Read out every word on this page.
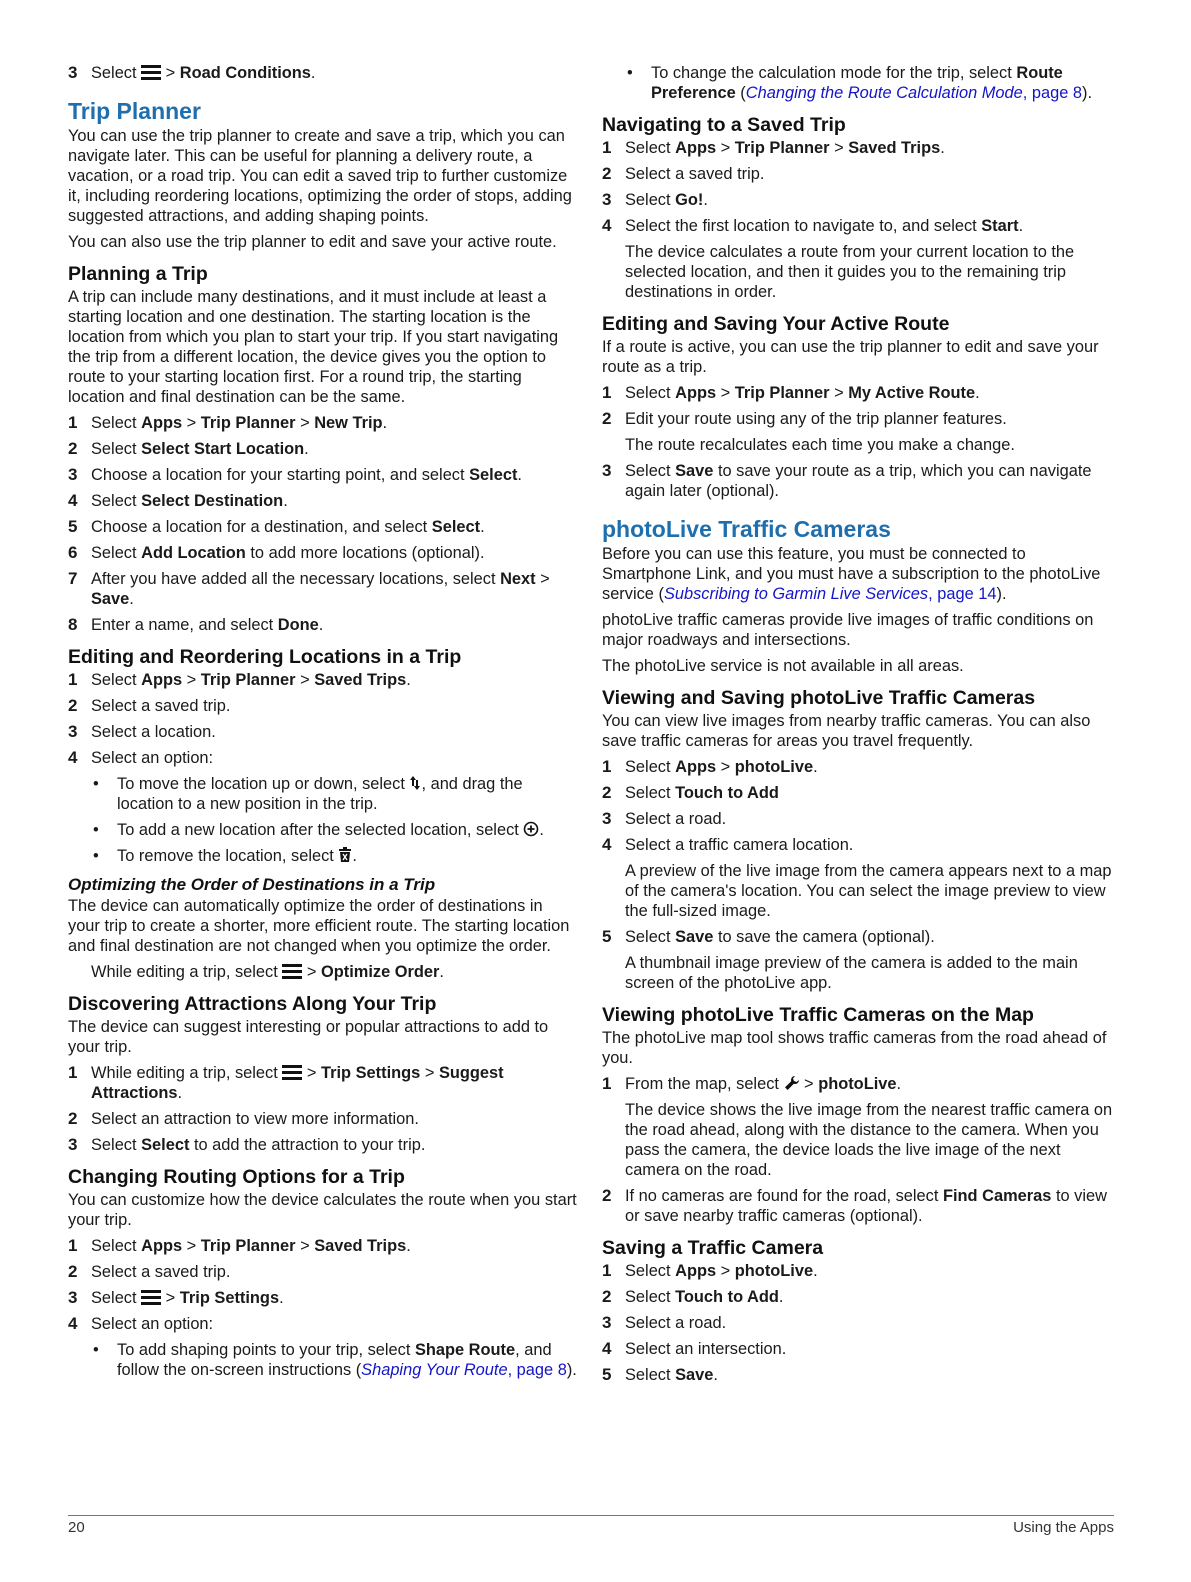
3 Select  > Road Conditions.
Trip Planner

You can use the trip planner to create and save a trip, which you can navigate later. This can be useful for planning a delivery route, a vacation, or a road trip. You can edit a saved trip to further customize it, including reordering locations, optimizing the order of stops, adding suggested attractions, and adding shaping points.

You can also use the trip planner to edit and save your active route.

Planning a Trip

A trip can include many destinations, and it must include at least a starting location and one destination. The starting location is the location from which you plan to start your trip. If you start navigating the trip from a different location, the device gives you the option to route to your starting location first. For a round trip, the starting location and final destination can be the same.

1 Select Apps > Trip Planner > New Trip.
2 Select Select Start Location.
3 Choose a location for your starting point, and select Select.
4 Select Select Destination.
5 Choose a location for a destination, and select Select.
6 Select Add Location to add more locations (optional).
7 After you have added all the necessary locations, select Next > Save.
8 Enter a name, and select Done.
Editing and Reordering Locations in a Trip
1 Select Apps > Trip Planner > Saved Trips.
2 Select a saved trip.
3 Select a location.
4 Select an option:
•	To move the location up or down, select , and drag the location to a new position in the trip.
•	To add a new location after the selected location, select .
•	To remove the location, select .
Optimizing the Order of Destinations in a Trip

The device can automatically optimize the order of destinations in your trip to create a shorter, more efficient route. The starting location and final destination are not changed when you optimize the order.

While editing a trip, select  > Optimize Order.
Discovering Attractions Along Your Trip

The device can suggest interesting or popular attractions to add to your trip.

1 While editing a trip, select  > Trip Settings > Suggest Attractions.
2 Select an attraction to view more information.
3 Select Select to add the attraction to your trip.
Changing Routing Options for a Trip

You can customize how the device calculates the route when you start your trip.

1 Select Apps > Trip Planner > Saved Trips.
2 Select a saved trip.
3 Select  > Trip Settings.
4 Select an option:
•	To add shaping points to your trip, select Shape Route, and follow the on-screen instructions (Shaping Your Route, page 8).
•	To change the calculation mode for the trip, select Route Preference (Changing the Route Calculation Mode, page 8).
Navigating to a Saved Trip
1 Select Apps > Trip Planner > Saved Trips.
2 Select a saved trip.
3 Select Go!.
4 Select the first location to navigate to, and select Start.
The device calculates a route from your current location to the selected location, and then it guides you to the remaining trip destinations in order.
Editing and Saving Your Active Route

If a route is active, you can use the trip planner to edit and save your route as a trip.

1 Select Apps > Trip Planner > My Active Route.
2 Edit your route using any of the trip planner features.
The route recalculates each time you make a change.
3 Select Save to save your route as a trip, which you can navigate again later (optional).
photoLive Traffic Cameras

Before you can use this feature, you must be connected to Smartphone Link, and you must have a subscription to the photoLive service (Subscribing to Garmin Live Services, page 14).

photoLive traffic cameras provide live images of traffic conditions on major roadways and intersections.

The photoLive service is not available in all areas.

Viewing and Saving photoLive Traffic Cameras

You can view live images from nearby traffic cameras. You can also save traffic cameras for areas you travel frequently.

1 Select Apps > photoLive.
2 Select Touch to Add
3 Select a road.
4 Select a traffic camera location.
A preview of the live image from the camera appears next to a map of the camera's location. You can select the image preview to view the full-sized image.
5 Select Save to save the camera (optional).
A thumbnail image preview of the camera is added to the main screen of the photoLive app.
Viewing photoLive Traffic Cameras on the Map

The photoLive map tool shows traffic cameras from the road ahead of you.

1 From the map, select  > photoLive.
The device shows the live image from the nearest traffic camera on the road ahead, along with the distance to the camera. When you pass the camera, the device loads the live image of the next camera on the road.
2 If no cameras are found for the road, select Find Cameras to view or save nearby traffic cameras (optional).
Saving a Traffic Camera
1 Select Apps > photoLive.
2 Select Touch to Add.
3 Select a road.
4 Select an intersection.
5 Select Save.
20	Using the Apps
